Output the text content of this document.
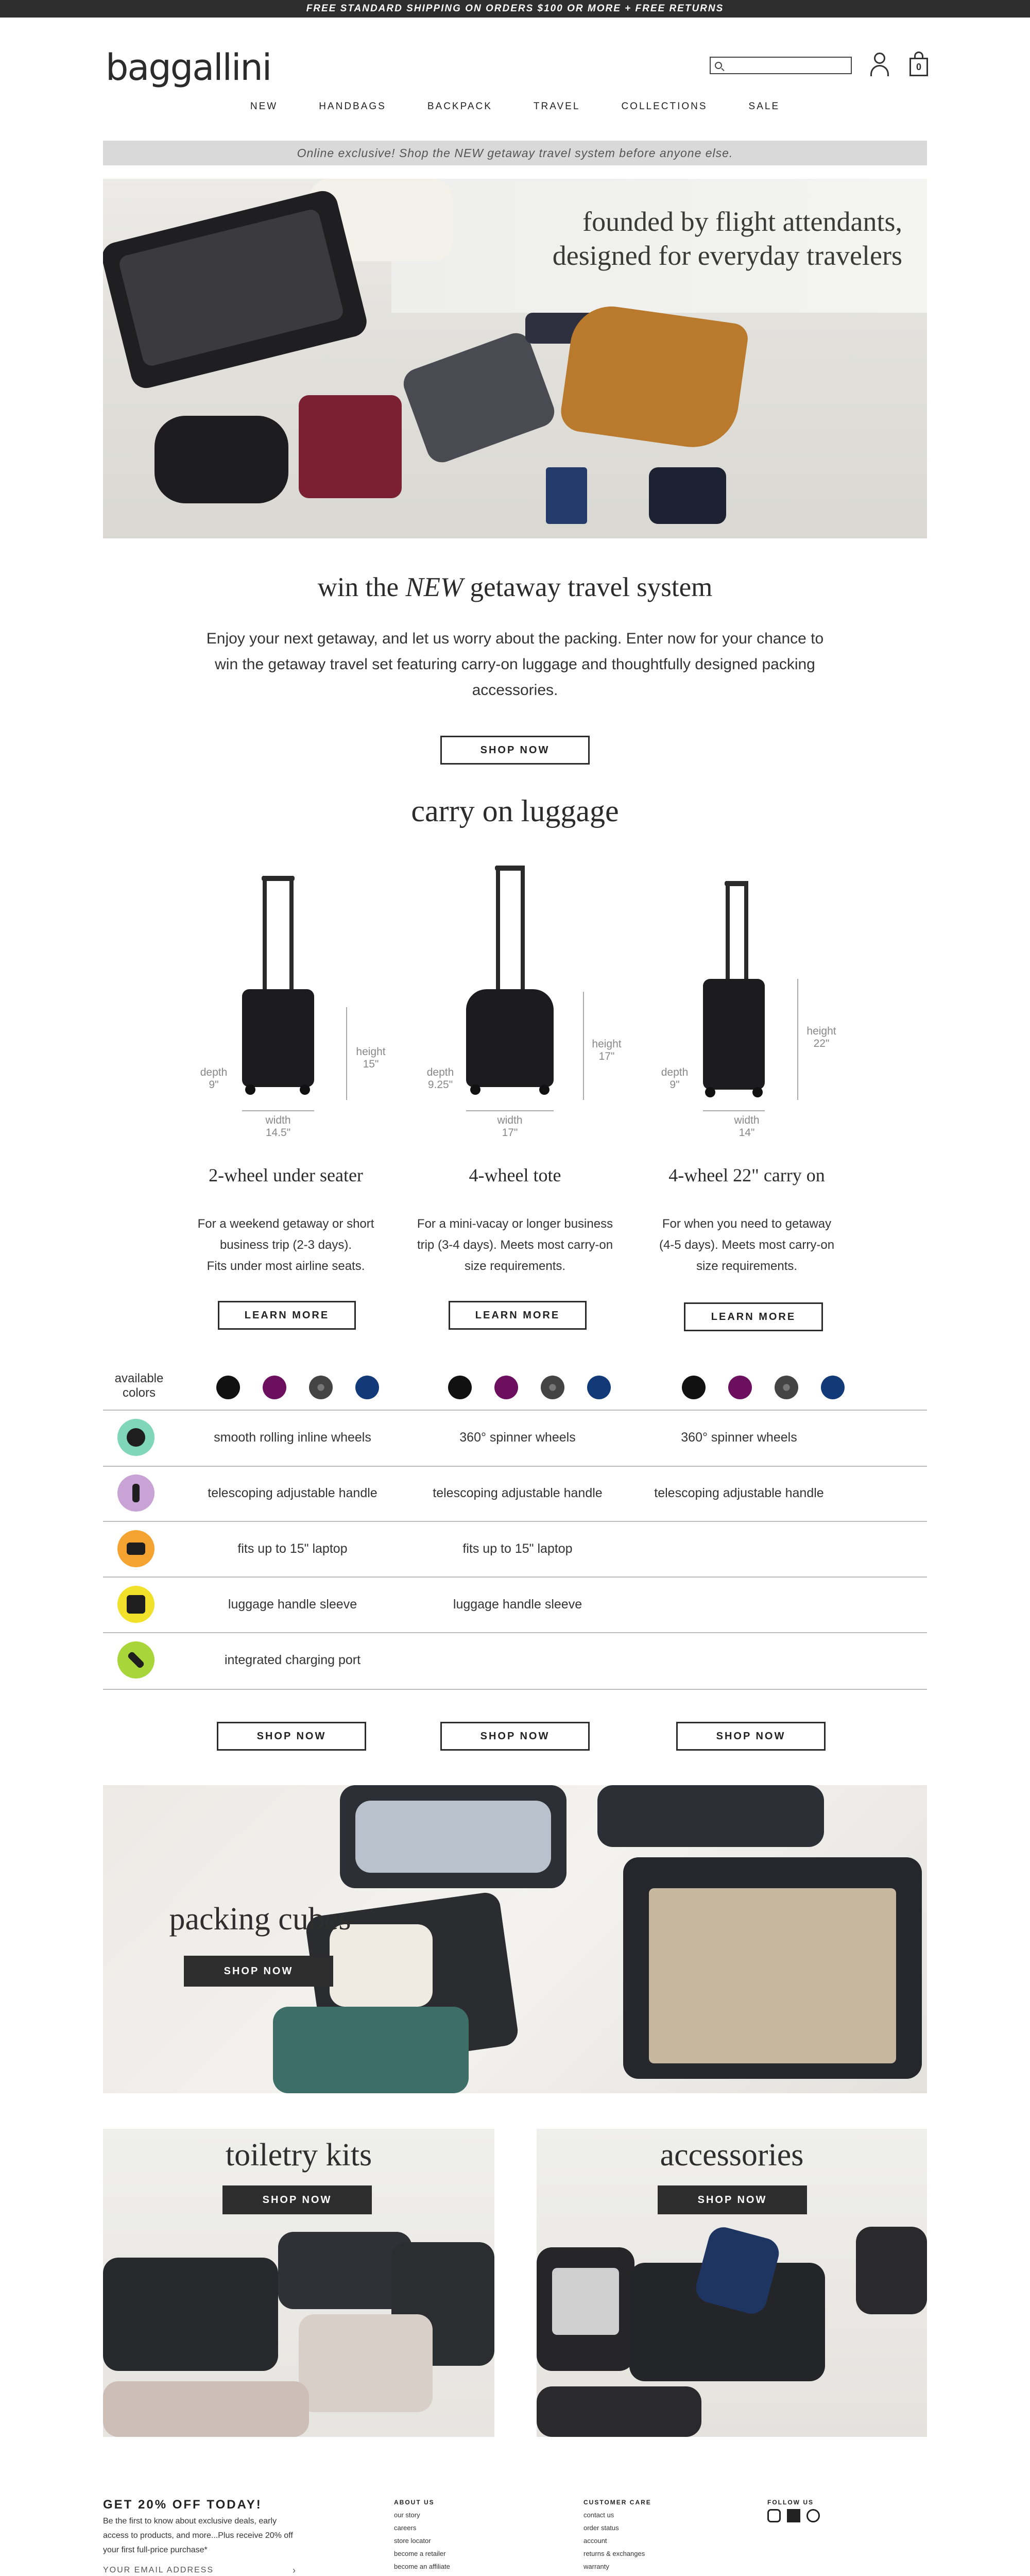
FREE STANDARD SHIPPING ON ORDERS $100 OR MORE + FREE RETURNS
baggallini	0
NEW	HANDBAGS	BACKPACK	TRAVEL	COLLECTIONS	SALE
Online exclusive! Shop the NEW getaway travel system before anyone else.
founded by flight attendants,
designed for everyday travelers
win the NEW getaway travel system
Enjoy your next getaway, and let us worry about the packing. Enter now for your chance to win the getaway travel set featuring carry-on luggage and thoughtfully designed packing accessories.
SHOP NOW
carry on luggage
height
15"
depth
9"
width
14.5"
2-wheel under seater
For a weekend getaway or short
business trip (2-3 days).
Fits under most airline seats.
LEARN MORE
height
17"
depth
9.25"
width
17"
4-wheel tote
For a mini-vacay or longer business
trip (3-4 days). Meets most carry-on
size requirements.
LEARN MORE
height
22"
depth
9"
width
14"
4-wheel 22" carry on
For when you need to getaway
(4-5 days). Meets most carry-on
size requirements.
LEARN MORE
available colors
smooth rolling inline wheels	360° spinner wheels	360° spinner wheels
telescoping adjustable handle	telescoping adjustable handle	telescoping adjustable handle
fits up to 15" laptop	fits up to 15" laptop
luggage handle sleeve	luggage handle sleeve
integrated charging port
SHOP NOW	SHOP NOW	SHOP NOW
packing cubes
SHOP NOW
toiletry kits
SHOP NOW
accessories
SHOP NOW
GET 20% OFF TODAY!
Be the first to know about exclusive deals, early
access to products, and more...Plus receive 20% off
your first full-price purchase*
YOUR EMAIL ADDRESS	›
ABOUT US
our story
careers
store locator
become a retailer
become an affiliate
CUSTOMER CARE
contact us
order status
account
returns & exchanges
warranty
FOLLOW US
